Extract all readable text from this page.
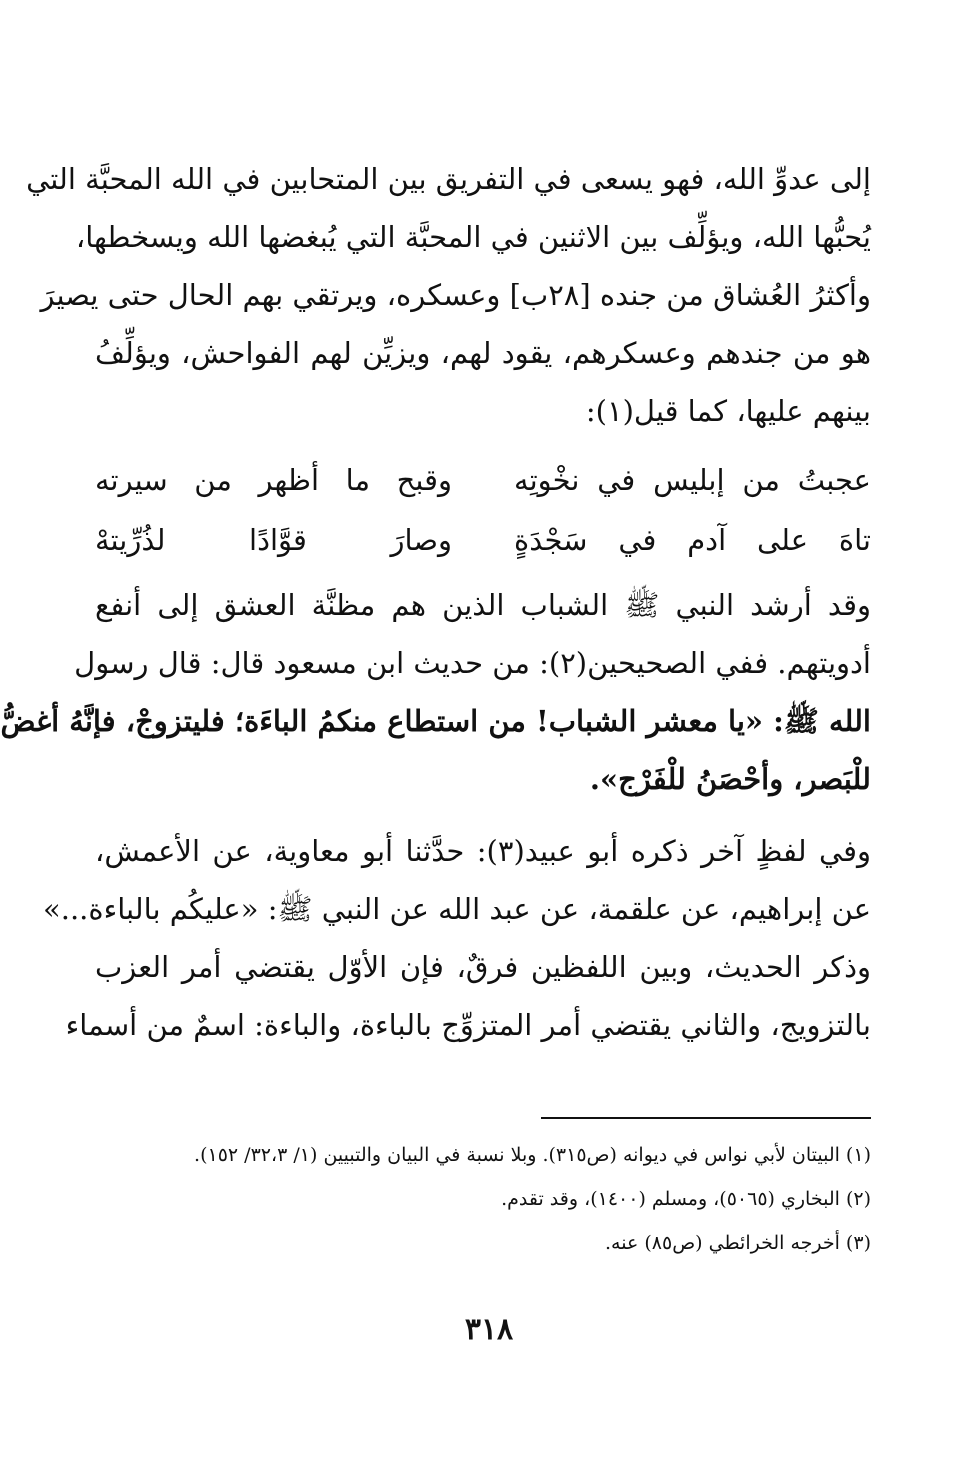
إلى عدوِّ الله، فهو يسعى في التفريق بين المتحابين في الله المحبَّة التي
يُحبُّها الله، ويؤلِّف بين الاثنين في المحبَّة التي يُبغضها الله ويسخطها،
وأكثرُ العُشاق من جنده [٢٨ب] وعسكره، ويرتقي بهم الحال حتى يصيرَ
هو من جندهم وعسكرهم، يقود لهم، ويزيِّن لهم الفواحش، ويؤلِّفُ
بينهم عليها، كما قيل(١):
عجبتُ من إبليس في نخْوتِه
وقبح ما أظهر من سيرته
تاهَ على آدم في سَجْدَةٍ
وصارَ قوَّادًا لذُرِّيتهْ
وقد أرشد النبي ﷺ الشباب الذين هم مظنَّة العشق إلى أنفع
أدويتهم. ففي الصحيحين(٢): من حديث ابن مسعود قال: قال رسول
الله ﷺ: «يا معشر الشباب! من استطاع منكمُ الباءَة؛ فليتزوجْ، فإنَّهُ أغضُّ
للْبَصر، وأحْصَنُ للْفَرْج».
وفي لفظٍ آخر ذكره أبو عبيد(٣): حدَّثنا أبو معاوية، عن الأعمش،
عن إبراهيم، عن علقمة، عن عبد الله عن النبي ﷺ: «عليكُم بالباءة...»
وذكر الحديث، وبين اللفظين فرقٌ، فإن الأوّل يقتضي أمر العزب
بالتزويج، والثاني يقتضي أمر المتزوِّج بالباءة، والباءة: اسمٌ من أسماء
(١) البيتان لأبي نواس في ديوانه (ص٣١٥). وبلا نسبة في البيان والتبيين (١/ ٣٢،٣/ ١٥٢).
(٢) البخاري (٥٠٦٥)، ومسلم (١٤٠٠)، وقد تقدم.
(٣) أخرجه الخرائطي (ص٨٥) عنه.
٣١٨
